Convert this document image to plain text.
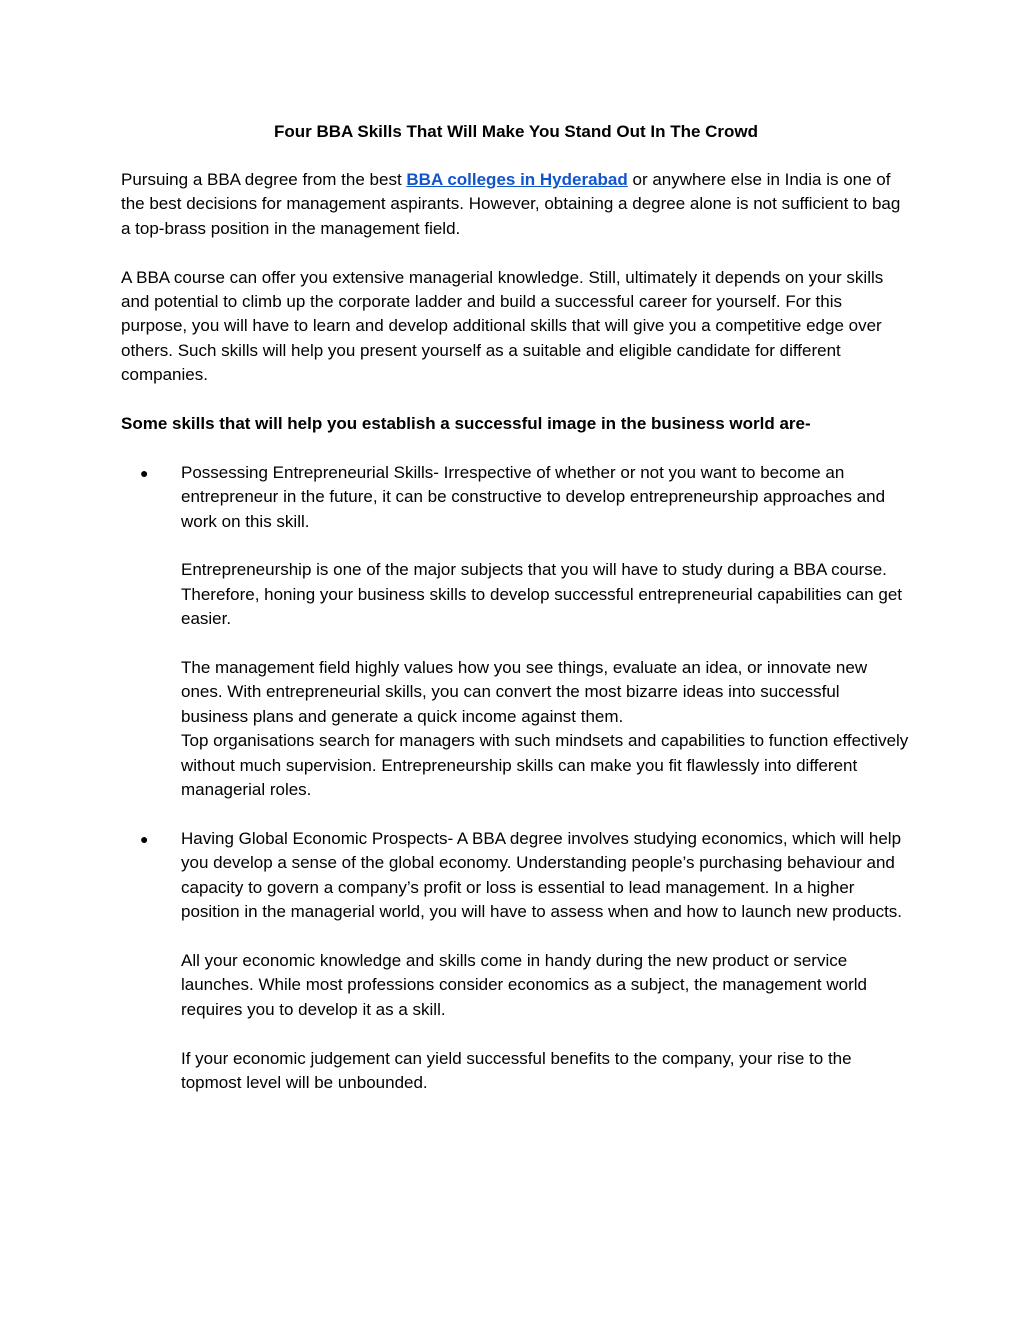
Four BBA Skills That Will Make You Stand Out In The Crowd

Pursuing a BBA degree from the best BBA colleges in Hyderabad or anywhere else in India is one of the best decisions for management aspirants. However, obtaining a degree alone is not sufficient to bag a top-brass position in the management field.

A BBA course can offer you extensive managerial knowledge. Still, ultimately it depends on your skills and potential to climb up the corporate ladder and build a successful career for yourself. For this purpose, you will have to learn and develop additional skills that will give you a competitive edge over others. Such skills will help you present yourself as a suitable and eligible candidate for different companies.

Some skills that will help you establish a successful image in the business world are-

● Possessing Entrepreneurial Skills- Irrespective of whether or not you want to become an entrepreneur in the future, it can be constructive to develop entrepreneurship approaches and work on this skill.

Entrepreneurship is one of the major subjects that you will have to study during a BBA course. Therefore, honing your business skills to develop successful entrepreneurial capabilities can get easier.

The management field highly values how you see things, evaluate an idea, or innovate new ones. With entrepreneurial skills, you can convert the most bizarre ideas into successful business plans and generate a quick income against them.

Top organisations search for managers with such mindsets and capabilities to function effectively without much supervision. Entrepreneurship skills can make you fit flawlessly into different managerial roles.

● Having Global Economic Prospects- A BBA degree involves studying economics, which will help you develop a sense of the global economy. Understanding people’s purchasing behaviour and capacity to govern a company’s profit or loss is essential to lead management. In a higher position in the managerial world, you will have to assess when and how to launch new products.

All your economic knowledge and skills come in handy during the new product or service launches. While most professions consider economics as a subject, the management world requires you to develop it as a skill.

If your economic judgement can yield successful benefits to the company, your rise to the topmost level will be unbounded.
